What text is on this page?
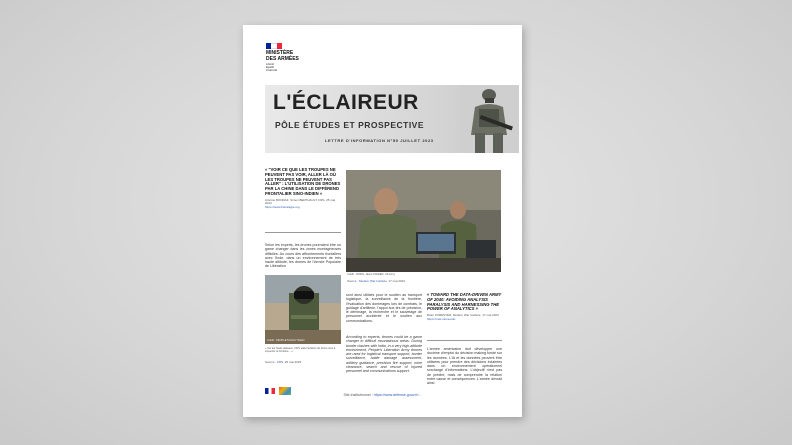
MINISTÈRE
DES ARMÉES
Liberté
Égalité
Fraternité
L'ÉCLAIREUR
PÔLE ÉTUDES ET PROSPECTIVE
LETTRE D'INFORMATION N°59 JUILLET 2023
« "VOIR CE QUE LES TROUPES NE PEUVENT PAS VOIR, ALLER LÀ OÙ LES TROUPES NE PEUVENT PAS ALLER" : L'UTILISATION DE DRONES PAR LA CHINE DANS LE DIFFÉREND FRONTALIER SINO-INDIEN »
Antoine BONDAZ, Simon BERTHAULT, FRS, 25 mai 2023
https://www.frstrategie.org
Selon les experts, les drones pourraient être un game changer dans les zones montagneuses difficiles. Au cours des affrontements frontaliers avec l'Inde, dans un environnement de très haute altitude, les drones de l'Armée Populaire de Libération
Crédit : PEOPLE'S DAILY Weibo
« Sur les hauts plateaux, l'APL aide l'aviation de drone tous à inspecter la frontière... »
Source : FRS, 25 mai 2023
Crédit : DVIDS, Jason KAVEEN, US Army
Source : Modern War Institute, 17 mai 2023
sont ainsi utilisés pour le soutien au transport logistique, la surveillance de la frontière, l'évaluation des dommages lors de combats, le guidage d'artillerie, l'appui aux tirs de précision, le déminage, la recherche et le sauvetage de personnel accidenté et le soutien aux communications.
According to experts, drones could be a game changer in difficult mountainous areas. During border clashes with India, in a very high-altitude environment, People's Liberation Army drones are used for logistical transport support, border surveillance, battle damage assessment, artillery guidance, precision fire support, mine clearance, search and rescue of injured personnel and communications support.
« TOWARD THE DATA-DRIVEN ARMY OF 2040: AVOIDING ANALYSIS PARALYSIS AND HARNESSING THE POWER OF ANALYTICS »
Brian FORESTER, Modern War Institute, 17 mai 2023
https://mwi.usma.edu
L'armée américaine doit développer une doctrine d'emploi du décision making fondé sur les données. L'IA et les données peuvent être utilisées pour prendre des décisions éclairées dans un environnement opérationnel surchargé d'informations. L'objectif n'est pas de prédire, mais de comprendre la relation entre cause et conséquences. L'armée devrait ainsi
Site institutionnel : https://www.defense.gouv.fr/...
